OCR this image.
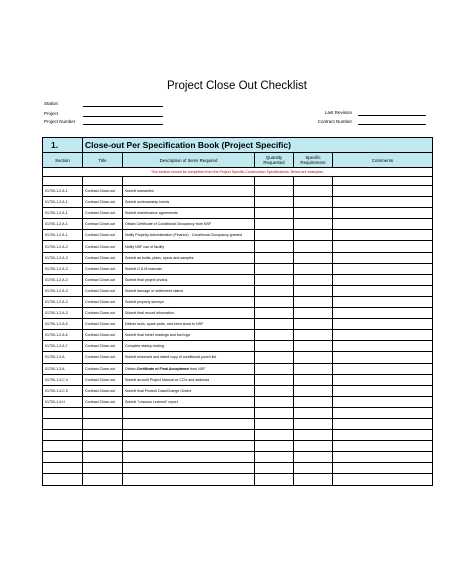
Project Close Out Checklist
Station
Project
Project Number
Last Revision
Contract Number
1.	Close-out Per Specification Book (Project Specific)				
Section	Title	Description of Items Required	Quantity Requested	Specific Requirement	Comments
This section should be completed from the Project Specific Construction Specifications. Below are examples.					

01700-1.2.A.1	Contract Close-out	Submit warranties			
01700-1.2.A.1	Contract Close-out	Submit workmanship bonds			
01700-1.2.A.1	Contract Close-out	Submit maintenance agreements			
01700-1.2.A.1	Contract Close-out	Obtain Certificate of Conditional Occupancy from NSF			
01700-1.2.A.1	Contract Close-out	Notify Property Administration (Finance) - Conditional Occupancy granted			
01700-1.2.A.2	Contract Close-out	Notify NSF use of facility			
01700-1.2.A.3	Contract Close-out	Submit as builts, plans, specs and samples			
01700-1.2.A.3	Contract Close-out	Submit O & M manuals			
01700-1.2.A.3	Contract Close-out	Submit final project photos			
01700-1.2.A.3	Contract Close-out	Submit damage or settlement claims			
01700-1.2.A.3	Contract Close-out	Submit property surveys			
01700-1.2.A.3	Contract Close-out	Submit final record information			
01700-1.2.A.6	Contract Close-out	Deliver tools, spare parts, and extra stock to NSF			
01700-1.2.A.6	Contract Close-out	Submit final meter readings and fuel logs			
01700-1.2.A.7	Contract Close-out	Complete startup testing			
01700-1.3.A	Contract Close-out	Submit endorsed and dated copy of conditional punch list			
01700-1.3.A	Contract Close-out	Obtain Certificate of Final Acceptance from NSF			
01700-1.4.C.4	Contract Close-out	Submit as-built Project Manual w/ CO's and addenda			
01700-1.4.C.5	Contract Close-out	Submit final Product Data/Change Orders			
01700-1.4.H	Contract Close-out	Submit "Lessons Learned" report			
